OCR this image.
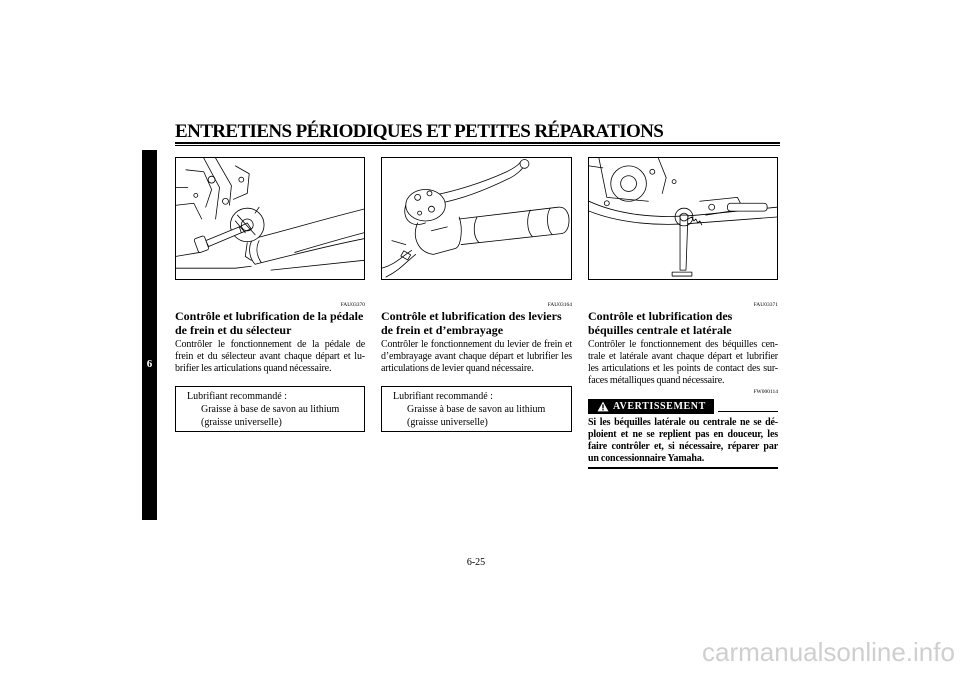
ENTRETIENS PÉRIODIQUES ET PETITES RÉPARATIONS
6
FAU03370
Contrôle et lubrification de la pédale
de frein et du sélecteur
Contrôler le fonctionnement de la pédale de
frein et du sélecteur avant chaque départ et lu-
brifier les articulations quand nécessaire.
Lubrifiant recommandé :
Graisse à base de savon au lithium
(graisse universelle)
FAU03164
Contrôle et lubrification des leviers
de frein et d’embrayage
Contrôler le fonctionnement du levier de frein et
d’embrayage avant chaque départ et lubrifier les
articulations de levier quand nécessaire.
Lubrifiant recommandé :
Graisse à base de savon au lithium
(graisse universelle)
FAU03371
Contrôle et lubrification des
béquilles centrale et latérale
Contrôler le fonctionnement des béquilles cen-
trale et latérale avant chaque départ et lubrifier
les articulations et les points de contact des sur-
faces métalliques quand nécessaire.
FW000114
AVERTISSEMENT
Si les béquilles latérale ou centrale ne se dé-
ploient et ne se replient pas en douceur, les
faire contrôler et, si nécessaire, réparer par
un concessionnaire Yamaha.
6-25
carmanualsonline.info
